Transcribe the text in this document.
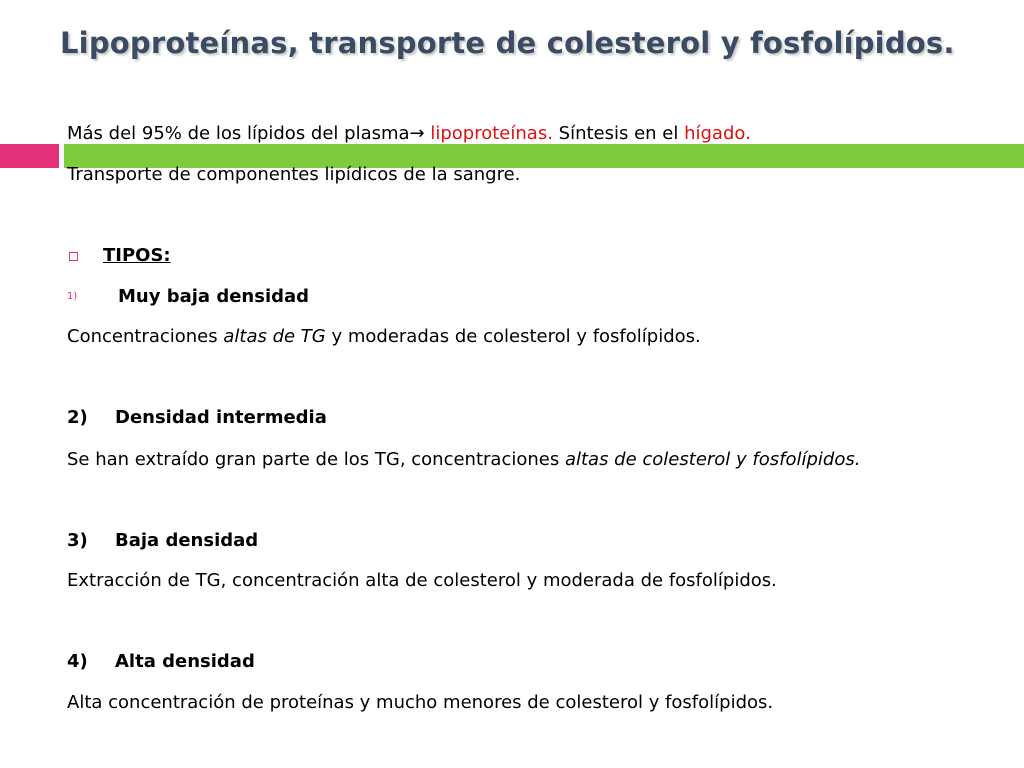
Lipoproteínas, transporte de colesterol y fosfolípidos.

Más del 95% de los lípidos del plasma→ lipoproteínas. Síntesis en el hígado.

Transporte de componentes lipídicos de la sangre.

TIPOS:
1) Muy baja densidad

Concentraciones altas de TG y moderadas de colesterol y fosfolípidos.

2) Densidad intermedia

Se han extraído gran parte de los TG, concentraciones altas de colesterol y fosfolípidos.

3) Baja densidad

Extracción de TG, concentración alta de colesterol y moderada de fosfolípidos.

4) Alta densidad

Alta concentración de proteínas y mucho menores de colesterol y fosfolípidos.
